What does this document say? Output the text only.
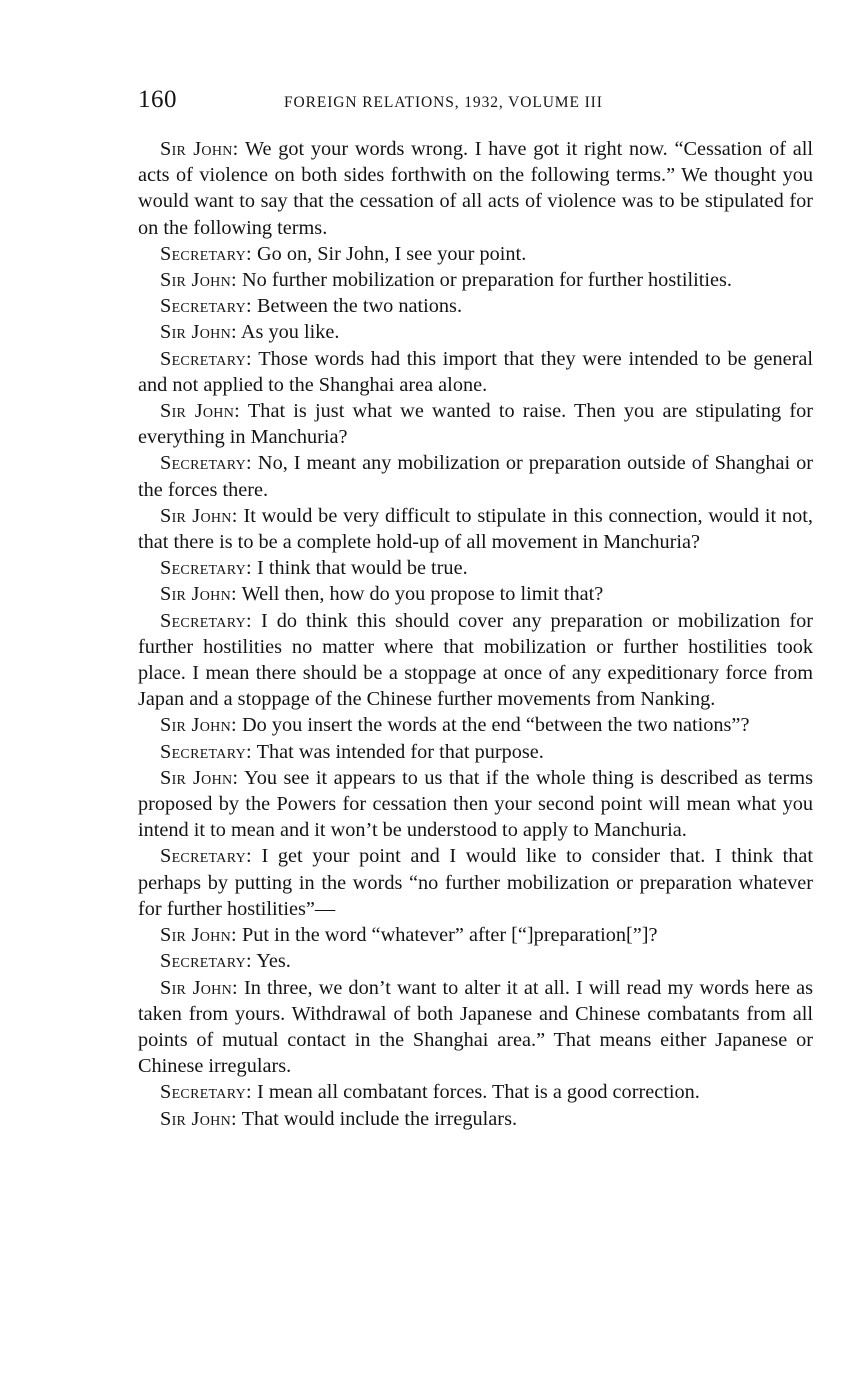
160	FOREIGN RELATIONS, 1932, VOLUME III

Sir John: We got your words wrong. I have got it right now. “Cessation of all acts of violence on both sides forthwith on the following terms.” We thought you would want to say that the cessation of all acts of violence was to be stipulated for on the following terms.

Secretary: Go on, Sir John, I see your point.

Sir John: No further mobilization or preparation for further hostilities.

Secretary: Between the two nations.

Sir John: As you like.

Secretary: Those words had this import that they were intended to be general and not applied to the Shanghai area alone.

Sir John: That is just what we wanted to raise. Then you are stipulating for everything in Manchuria?

Secretary: No, I meant any mobilization or preparation outside of Shanghai or the forces there.

Sir John: It would be very difficult to stipulate in this connection, would it not, that there is to be a complete hold-up of all movement in Manchuria?

Secretary: I think that would be true.

Sir John: Well then, how do you propose to limit that?

Secretary: I do think this should cover any preparation or mobilization for further hostilities no matter where that mobilization or further hostilities took place. I mean there should be a stoppage at once of any expeditionary force from Japan and a stoppage of the Chinese further movements from Nanking.

Sir John: Do you insert the words at the end “between the two nations”?

Secretary: That was intended for that purpose.

Sir John: You see it appears to us that if the whole thing is described as terms proposed by the Powers for cessation then your second point will mean what you intend it to mean and it won’t be understood to apply to Manchuria.

Secretary: I get your point and I would like to consider that. I think that perhaps by putting in the words “no further mobilization or preparation whatever for further hostilities”—

Sir John: Put in the word “whatever” after [“]preparation[”]?

Secretary: Yes.

Sir John: In three, we don’t want to alter it at all. I will read my words here as taken from yours. Withdrawal of both Japanese and Chinese combatants from all points of mutual contact in the Shanghai area.” That means either Japanese or Chinese irregulars.

Secretary: I mean all combatant forces. That is a good correction.

Sir John: That would include the irregulars.
